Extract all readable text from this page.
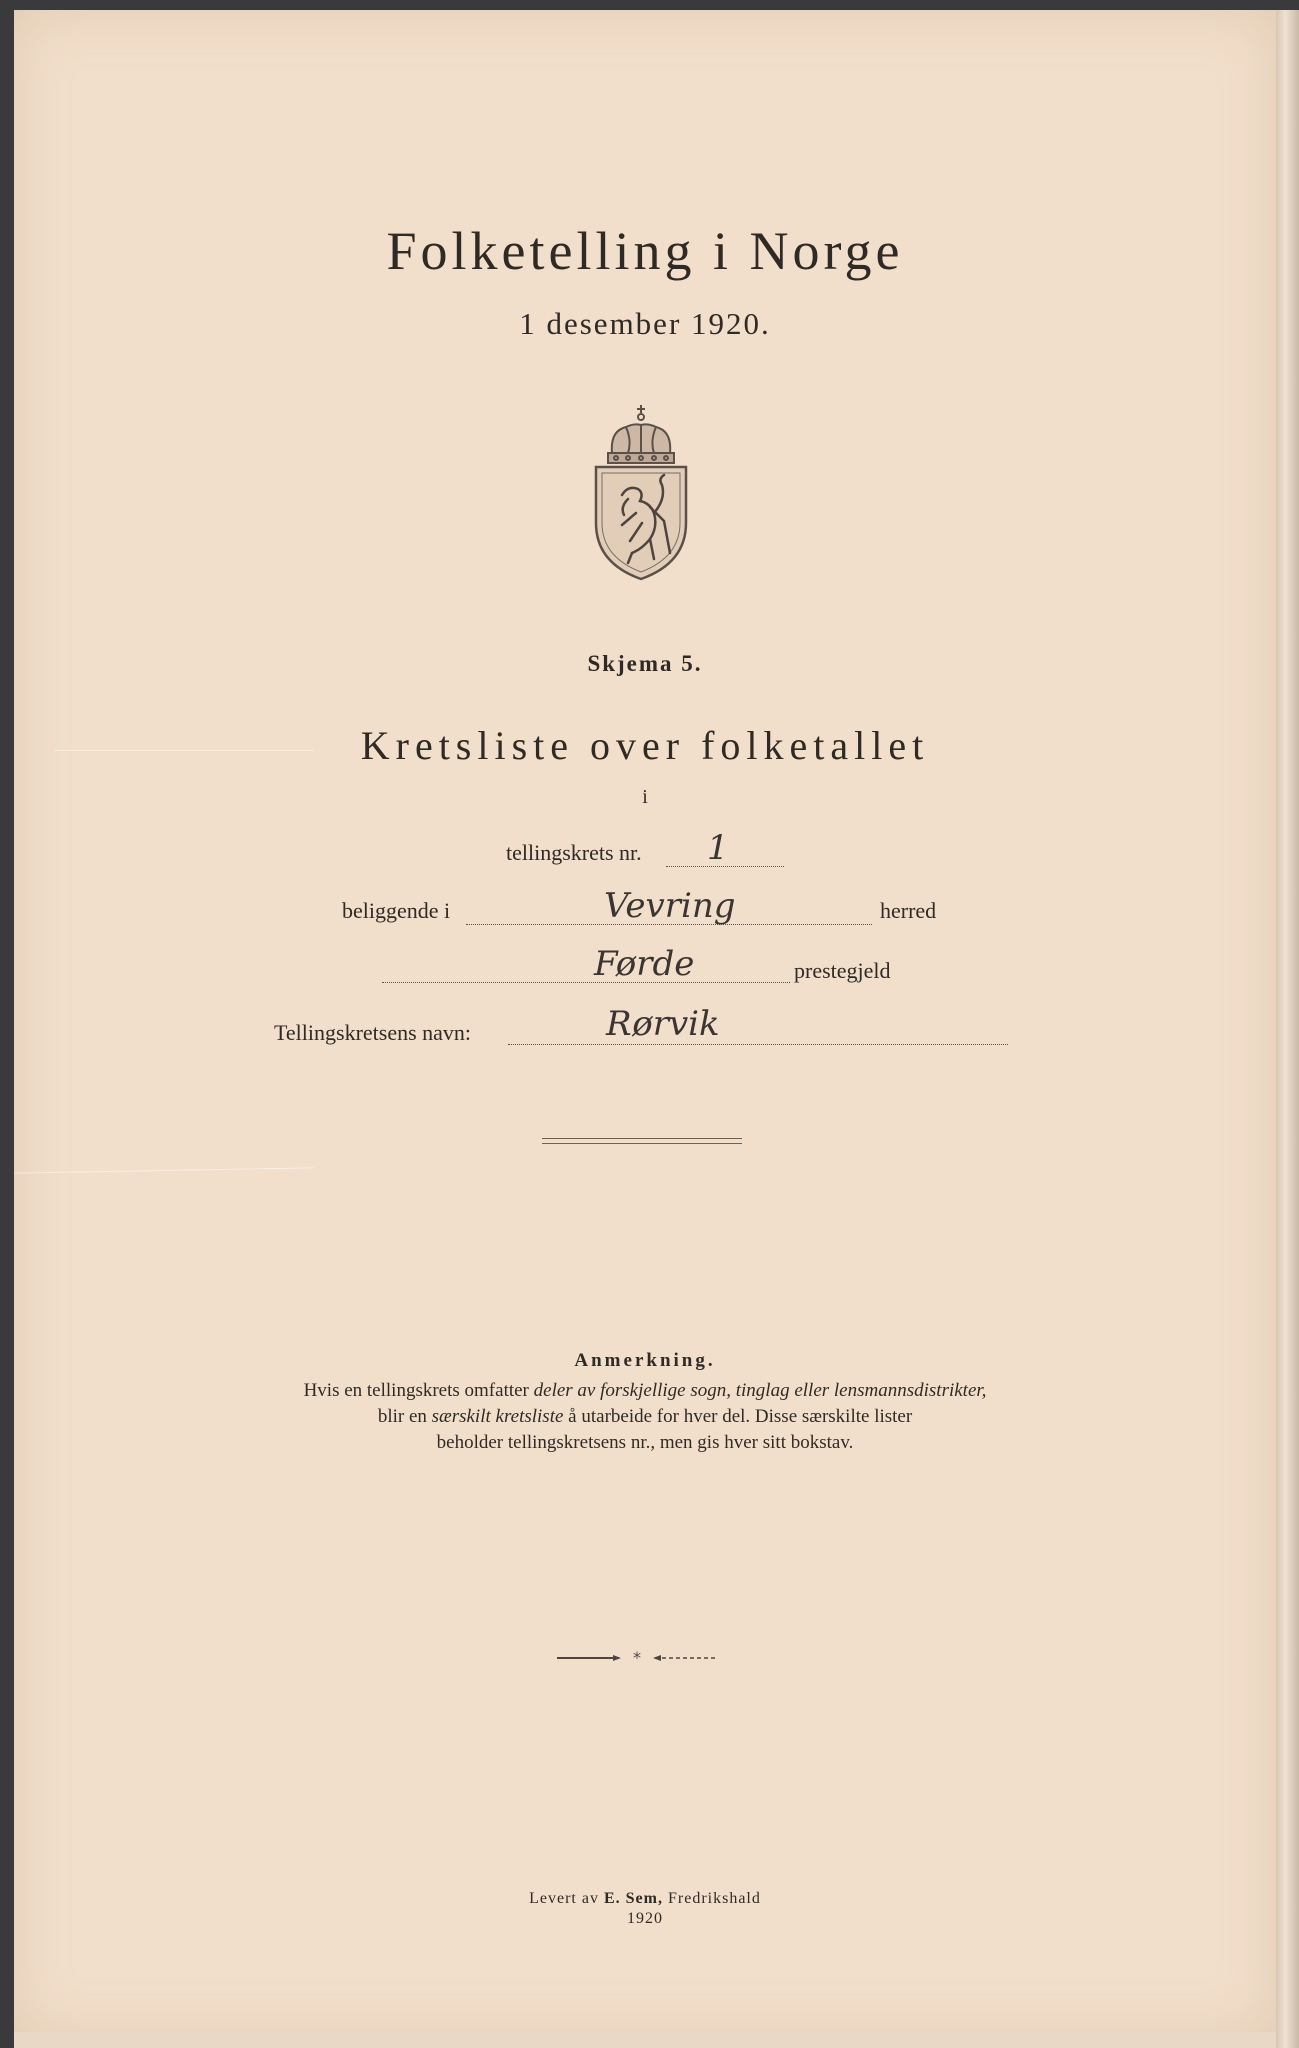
Folketelling i Norge
1 desember 1920.
Skjema 5.
Kretsliste over folketallet
i
tellingskrets nr. 1
beliggende i	Vevring	herred
Førde	prestegjeld
Tellingskretsens navn:	Rørvik
Anmerkning.
Hvis en tellingskrets omfatter deler av forskjellige sogn, tinglag eller lensmannsdistrikter,
blir en særskilt kretsliste å utarbeide for hver del. Disse særskilte lister
beholder tellingskretsens nr., men gis hver sitt bokstav.
*
Levert av E. Sem, Fredrikshald
1920
